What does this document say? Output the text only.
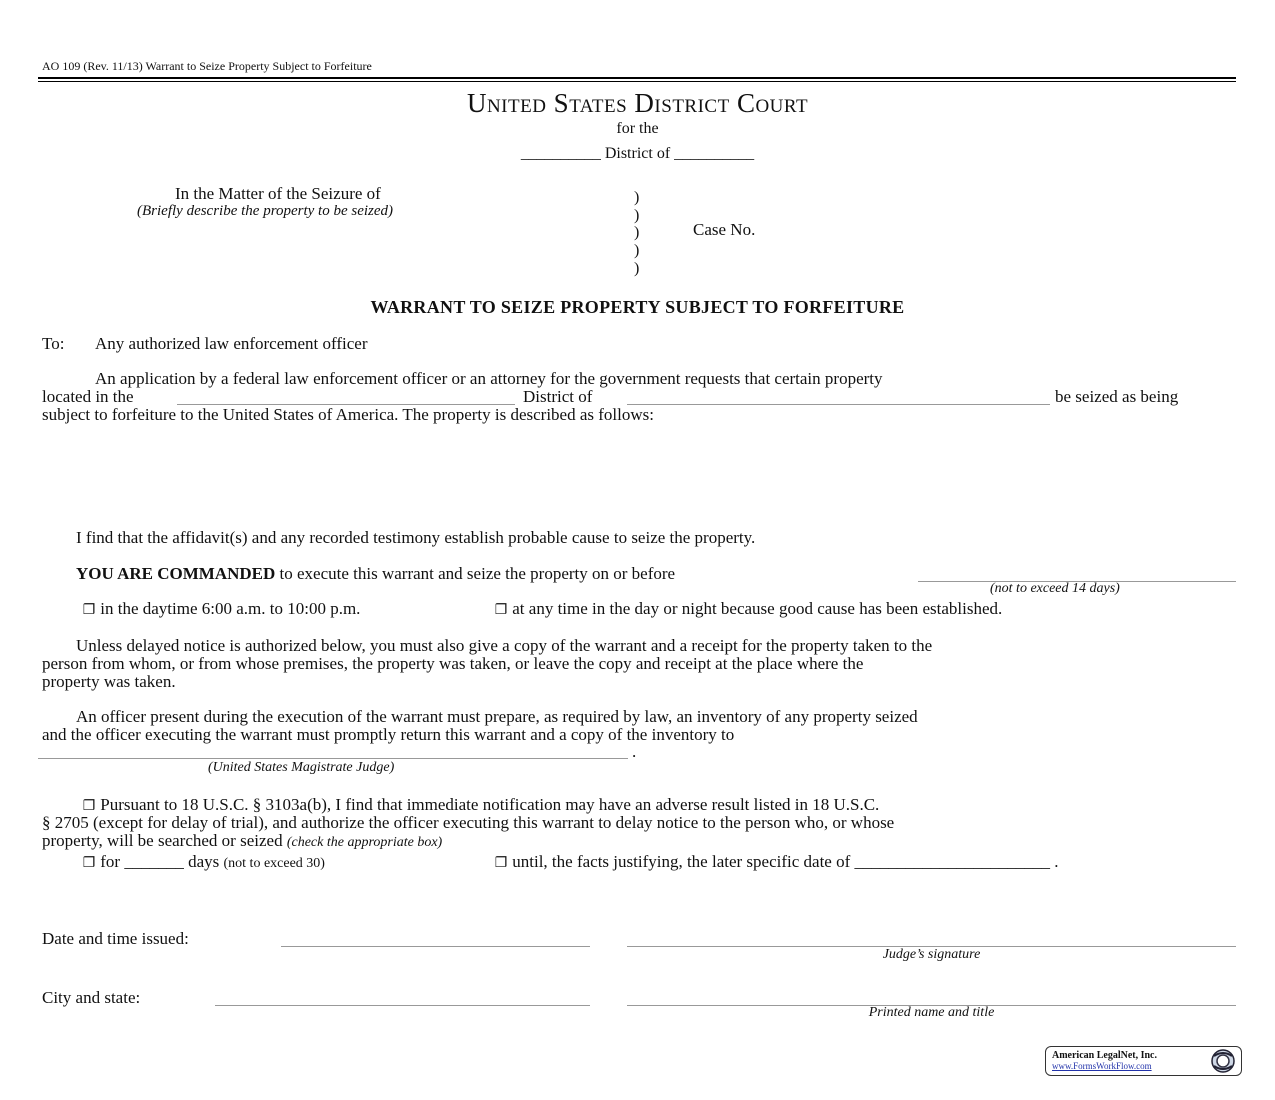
AO 109 (Rev. 11/13) Warrant to Seize Property Subject to Forfeiture
United States District Court
for the
__________ District of __________
In the Matter of the Seizure of
(Briefly describe the property to be seized)
)
)
)
)
)
Case No.
WARRANT TO SEIZE PROPERTY SUBJECT TO FORFEITURE
To: Any authorized law enforcement officer
An application by a federal law enforcement officer or an attorney for the government requests that certain property
located in the	District of	be seized as being
subject to forfeiture to the United States of America. The property is described as follows:
I find that the affidavit(s) and any recorded testimony establish probable cause to seize the property.
YOU ARE COMMANDED to execute this warrant and seize the property on or before
(not to exceed 14 days)
❐ in the daytime 6:00 a.m. to 10:00 p.m.	❐ at any time in the day or night because good cause has been established.
Unless delayed notice is authorized below, you must also give a copy of the warrant and a receipt for the property taken to the
person from whom, or from whose premises, the property was taken, or leave the copy and receipt at the place where the
property was taken.
An officer present during the execution of the warrant must prepare, as required by law, an inventory of any property seized
and the officer executing the warrant must promptly return this warrant and a copy of the inventory to
.
(United States Magistrate Judge)
❐ Pursuant to 18 U.S.C. § 3103a(b), I find that immediate notification may have an adverse result listed in 18 U.S.C.
§ 2705 (except for delay of trial), and authorize the officer executing this warrant to delay notice to the person who, or whose
property, will be searched or seized (check the appropriate box)
❐ for _______ days (not to exceed 30)	❐ until, the facts justifying, the later specific date of _______________________ .
Date and time issued:
Judge’s signature
City and state:
Printed name and title
American LegalNet, Inc.
www.FormsWorkFlow.com
